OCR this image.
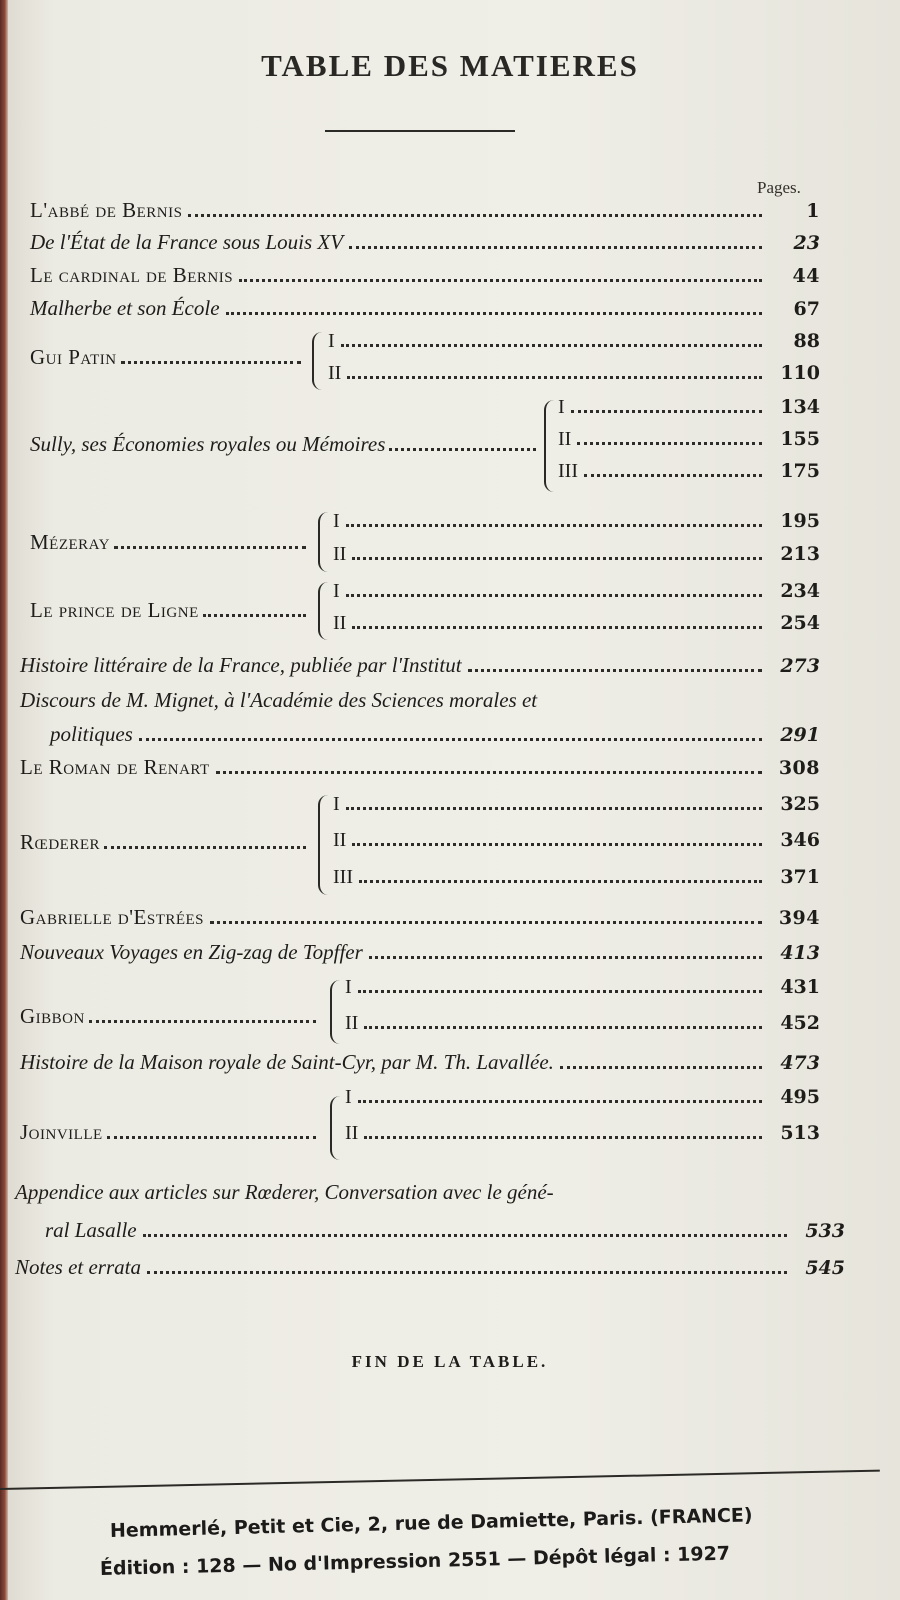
TABLE DES MATIERES
Pages.
L'abbé de Bernis	1
De l'État de la France sous Louis XV	23
Le cardinal de Bernis	44
Malherbe et son École	67
Gui Patin
I	88
II	110
Sully, ses Économies royales ou Mémoires
I	134
II	155
III	175
Mézeray
I	195
II	213
Le prince de Ligne
I	234
II	254
Histoire littéraire de la France, publiée par l'Institut	273
Discours de M. Mignet, à l'Académie des Sciences morales et
politiques	291
Le Roman de Renart	308
Rœderer
I	325
II	346
III	371
Gabrielle d'Estrées	394
Nouveaux Voyages en Zig-zag de Topffer	413
Gibbon
I	431
II	452
Histoire de la Maison royale de Saint-Cyr, par M. Th. Lavallée.	473
Joinville
I	495
II	513
Appendice aux articles sur Rœderer, Conversation avec le géné-
ral Lasalle	533
Notes et errata	545
FIN DE LA TABLE.
Hemmerlé, Petit et Cie, 2, rue de Damiette, Paris. (FRANCE)
Édition : 128 — No d'Impression 2551 — Dépôt légal : 1927
